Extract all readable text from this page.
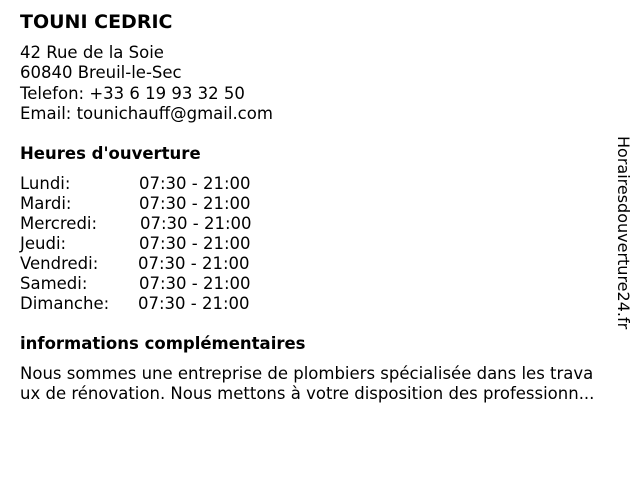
TOUNI CEDRIC
42 Rue de la Soie
60840 Breuil-le-Sec
Telefon: +33 6 19 93 32 50
Email: tounichauff@gmail.com
Heures d'ouverture
Lundi:	07:30 - 21:00
Mardi:	07:30 - 21:00
Mercredi:	07:30 - 21:00
Jeudi:	07:30 - 21:00
Vendredi: 07:30 - 21:00
Samedi:	07:30 - 21:00
Dimanche: 07:30 - 21:00
informations complémentaires
Nous sommes une entreprise de plombiers spécialisée dans les trava
ux de rénovation. Nous mettons à votre disposition des professionn...
Horairesdouverture24.fr
